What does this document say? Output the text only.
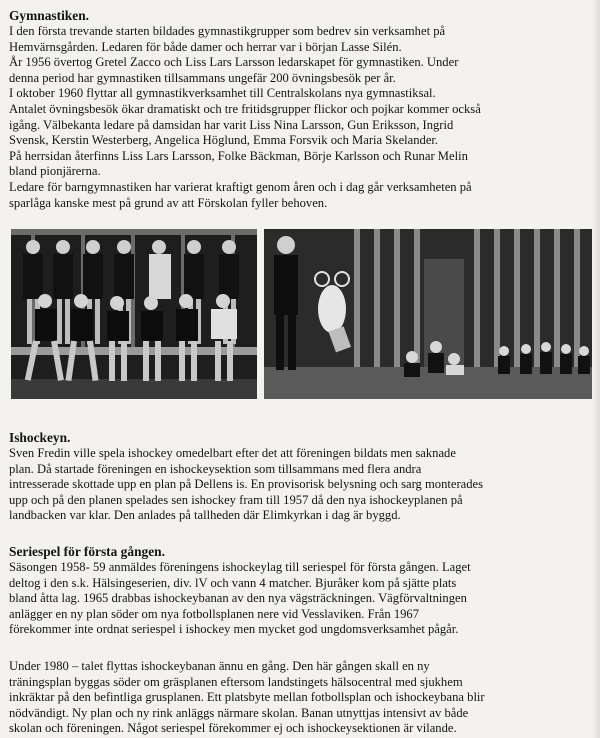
Gymnastiken.

I den första trevande starten bildades gymnastikgrupper som bedrev sin verksamhet på
Hemvärnsgården. Ledaren för både damer och herrar var i början Lasse Silén.
År 1956 övertog Gretel Zacco och Liss Lars Larsson ledarskapet för gymnastiken. Under
denna period har gymnastiken tillsammans ungefär 200 övningsbesök per år.
I oktober 1960 flyttar all gymnastikverksamhet till Centralskolans nya gymnastiksal.
Antalet övningsbesök ökar dramatiskt och tre fritidsgrupper flickor och pojkar kommer också
igång. Välbekanta ledare på damsidan har varit Liss Nina Larsson, Gun Eriksson, Ingrid
Svensk, Kerstin Westerberg, Angelica Höglund, Emma Forsvik och Maria Skelander.
På herrsidan återfinns Liss Lars Larsson, Folke Bäckman, Börje Karlsson och Runar Melin
bland pionjärerna.
Ledare för barngymnastiken har varierat kraftigt genom åren och i dag går verksamheten på
sparlåga kanske mest på grund av att Förskolan fyller behoven.

Ishockeyn.

Sven Fredin ville spela ishockey omedelbart efter det att föreningen bildats men saknade
plan. Då startade föreningen en ishockeysektion som tillsammans med flera andra
intresserade skottade upp en plan på Dellens is. En provisorisk belysning och sarg monterades
upp och på den planen spelades sen ishockey fram till 1957 då den nya ishockeyplanen på
landbacken var klar. Den anlades på tallheden där Elimkyrkan i dag är byggd.

Seriespel för första gången.

Säsongen 1958- 59 anmäldes föreningens ishockeylag till seriespel för första gången. Laget
deltog i den s.k. Hälsingeserien, div. lV och vann 4 matcher. Bjuråker kom på sjätte plats
bland åtta lag. 1965 drabbas ishockeybanan av den nya vägsträckningen. Vägförvaltningen
anlägger en ny plan söder om nya fotbollsplanen nere vid Vesslaviken. Från 1967
förekommer inte ordnat seriespel i ishockey men mycket god ungdomsverksamhet pågår.

Under 1980 – talet flyttas ishockeybanan ännu en gång. Den här gången skall en ny
träningsplan byggas söder om gräsplanen eftersom landstingets hälsocentral med sjukhem
inkräktar på den befintliga grusplanen. Ett platsbyte mellan fotbollsplan och ishockeybana blir
nödvändigt. Ny plan och ny rink anläggs närmare skolan. Banan utnyttjas intensivt av både
skolan och föreningen. Något seriespel förekommer ej och ishockeysektionen är vilande.
